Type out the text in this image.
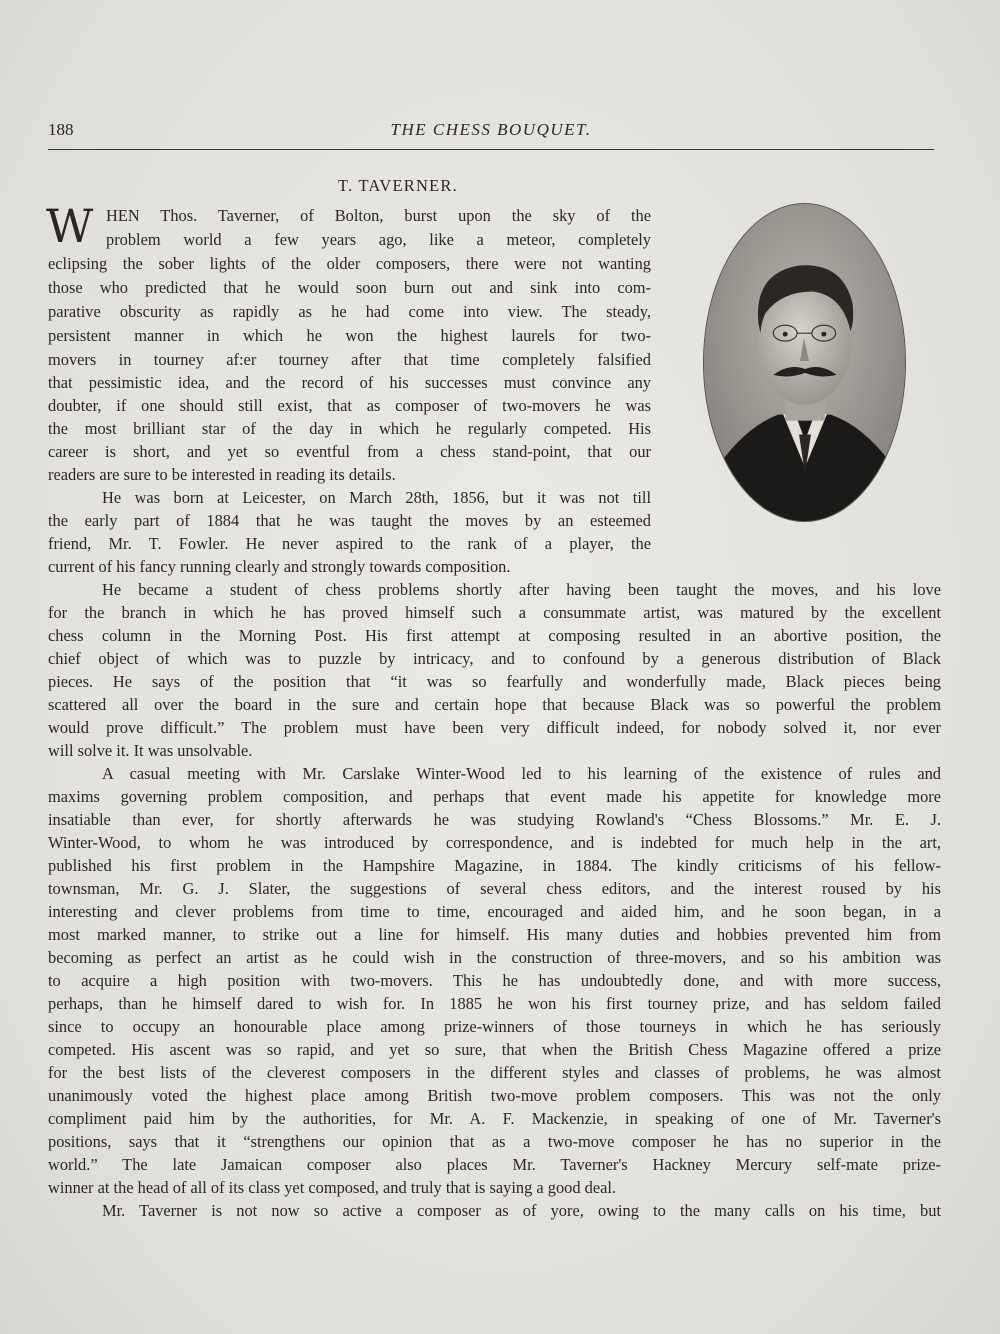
188	THE CHESS BOUQUET.
T. TAVERNER.
W HEN Thos. Taverner, of Bolton, burst upon the sky of the
problem world a few years ago, like a meteor, completely
eclipsing the sober lights of the older composers, there were not wanting
those who predicted that he would soon burn out and sink into com-
parative obscurity as rapidly as he had come into view. The steady,
persistent manner in which he won the highest laurels for two-
movers in tourney af:er tourney after that time completely falsified
that pessimistic idea, and the record of his successes must convince any
doubter, if one should still exist, that as composer of two-movers he was
the most brilliant star of the day in which he regularly competed. His
career is short, and yet so eventful from a chess stand-point, that our
readers are sure to be interested in reading its details.
He was born at Leicester, on March 28th, 1856, but it was not till
the early part of 1884 that he was taught the moves by an esteemed
friend, Mr. T. Fowler. He never aspired to the rank of a player, the
current of his fancy running clearly and strongly towards composition.
He became a student of chess problems shortly after having been taught the moves, and his love
for the branch in which he has proved himself such a consummate artist, was matured by the excellent
chess column in the Morning Post. His first attempt at composing resulted in an abortive position, the
chief object of which was to puzzle by intricacy, and to confound by a generous distribution of Black
pieces. He says of the position that “it was so fearfully and wonderfully made, Black pieces being
scattered all over the board in the sure and certain hope that because Black was so powerful the problem
would prove difficult.” The problem must have been very difficult indeed, for nobody solved it, nor ever
will solve it. It was unsolvable.
A casual meeting with Mr. Carslake Winter-Wood led to his learning of the existence of rules and
maxims governing problem composition, and perhaps that event made his appetite for knowledge more
insatiable than ever, for shortly afterwards he was studying Rowland's “Chess Blossoms.” Mr. E. J.
Winter-Wood, to whom he was introduced by correspondence, and is indebted for much help in the art,
published his first problem in the Hampshire Magazine, in 1884. The kindly criticisms of his fellow-
townsman, Mr. G. J. Slater, the suggestions of several chess editors, and the interest roused by his
interesting and clever problems from time to time, encouraged and aided him, and he soon began, in a
most marked manner, to strike out a line for himself. His many duties and hobbies prevented him from
becoming as perfect an artist as he could wish in the construction of three-movers, and so his ambition was
to acquire a high position with two-movers. This he has undoubtedly done, and with more success,
perhaps, than he himself dared to wish for. In 1885 he won his first tourney prize, and has seldom failed
since to occupy an honourable place among prize-winners of those tourneys in which he has seriously
competed. His ascent was so rapid, and yet so sure, that when the British Chess Magazine offered a prize
for the best lists of the cleverest composers in the different styles and classes of problems, he was almost
unanimously voted the highest place among British two-move problem composers. This was not the only
compliment paid him by the authorities, for Mr. A. F. Mackenzie, in speaking of one of Mr. Taverner's
positions, says that it “strengthens our opinion that as a two-move composer he has no superior in the
world.” The late Jamaican composer also places Mr. Taverner's Hackney Mercury self-mate prize-
winner at the head of all of its class yet composed, and truly that is saying a good deal.
Mr. Taverner is not now so active a composer as of yore, owing to the many calls on his time, but
